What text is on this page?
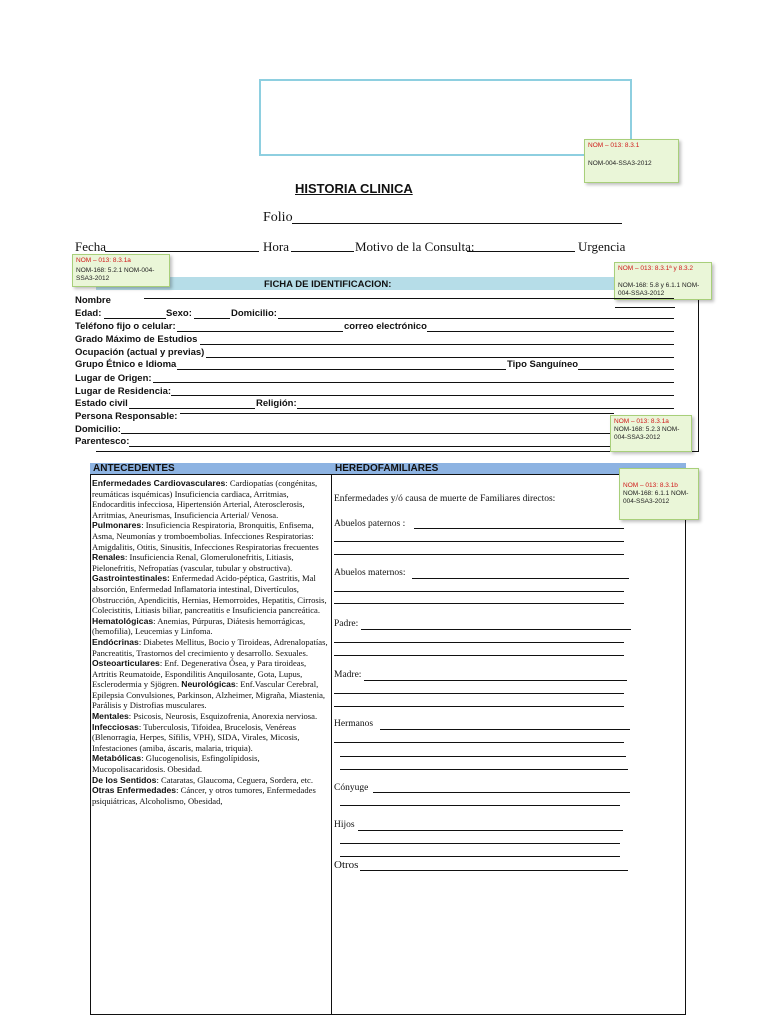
NOM – 013: 8.3.1
NOM-004-SSA3-2012
HISTORIA CLINICA
Folio
Fecha	Hora	Motivo de la Consulta:	Urgencia
FICHA DE IDENTIFICACION:
NOM – 013: 8.3.1a
NOM-168: 5.2.1 NOM-004-SSA3-2012
NOM – 013: 8.3.1ª y 8.3.2
NOM-168: 5.8 y 6.1.1 NOM-004-SSA3-2012
Nombre
Edad:	Sexo:	Domicilio:
Teléfono fijo o celular:	correo electrónico
Grado Máximo de Estudios
Ocupación (actual y previas)
Grupo Étnico e Idioma	Tipo Sanguíneo
Lugar de Origen:
Lugar de Residencia:
Estado civil	Religión:
Persona Responsable:
Domicilio:
Parentesco:
NOM – 013: 8.3.1a NOM-168: 5.2.3 NOM-004-SSA3-2012
ANTECEDENTES	HEREDOFAMILIARES
Enfermedades Cardiovasculares: Cardiopatías (congénitas, reumáticas isquémicas) Insuficiencia cardiaca, Arritmias, Endocarditis infecciosa, Hipertensión Arterial, Aterosclerosis, Arritmias, Aneurismas, Insuficiencia Arterial/ Venosa.
Pulmonares: Insuficiencia Respiratoria, Bronquitis, Enfisema, Asma, Neumonías y tromboembolias. Infecciones Respiratorias: Amigdalitis, Otitis, Sinusitis, Infecciones Respiratorias frecuentes
Renales: Insuficiencia Renal, Glomerulonefritis, Litiasis, Pielonefritis, Nefropatías (vascular, tubular y obstructiva).
Gastrointestinales: Enfermedad Acido-péptica, Gastritis, Mal absorción, Enfermedad Inflamatoria intestinal, Divertículos, Obstrucción, Apendicitis, Hernias, Hemorroides, Hepatitis, Cirrosis, Colecistitis, Litiasis biliar, pancreatitis e Insuficiencia pancreática. Hematológicas: Anemias, Púrpuras, Diátesis hemorrágicas, (hemofilia), Leucemias y Linfoma.
Endócrinas: Diabetes Mellitus, Bocio y Tiroideas, Adrenalopatías, Pancreatitis, Trastornos del crecimiento y desarrollo. Sexuales.
Osteoarticulares: Enf. Degenerativa Ósea, y Para tiroideas, Artritis Reumatoide, Espondilitis Anquilosante, Gota, Lupus, Esclerodermia y Sjögren. Neurológicas: Enf.Vascular Cerebral, Epilepsia Convulsiones, Parkinson, Alzheimer, Migraña, Miastenia, Parálisis y Distrofias musculares.
Mentales: Psicosis, Neurosis, Esquizofrenia, Anorexia nerviosa.
Infecciosas: Tuberculosis, Tifoidea, Brucelosis, Venéreas (Blenorragia, Herpes, Sífilis, VPH), SIDA, Virales, Micosis, Infestaciones (amiba, áscaris, malaria, triquia).
Metabólicas: Glucogenolisis, Esfingolípidosis, Mucopolisacaridosis. Obesidad.
De los Sentidos: Cataratas, Glaucoma, Ceguera, Sordera, etc.
Otras Enfermedades: Cáncer, y otros tumores, Enfermedades psiquiátricas, Alcoholismo, Obesidad,
NOM – 013: 8.3.1b NOM-168: 6.1.1 NOM-004-SSA3-2012
Enfermedades y/ó causa de muerte de Familiares directos:
Abuelos paternos :
Abuelos maternos:
Padre:
Madre:
Hermanos
Cónyuge
Hijos
Otros
